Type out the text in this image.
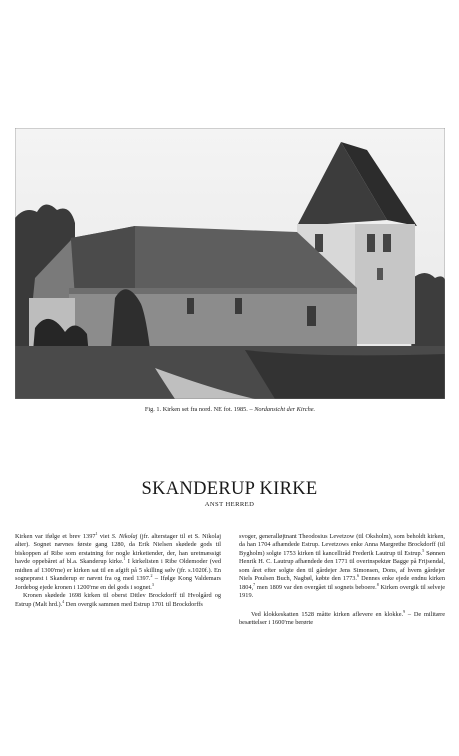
Fig. 1. Kirken set fra nord. NE fot. 1985. – Nordansicht der Kirche.
SKANDERUP KIRKE
ANST HERRED

Kirken var ifølge et brev 1397$^1$ viet S. Nikolaj (jfr. alterstager til et S. Nikolaj alter). Sognet nævnes første gang 1280, da Erik Nielsen skødede gods til biskoppen af Ribe som erstatning for nogle kirketiender, der, han uretmæssigt havde oppebåret af bl.a. Skanderup kirke.$^1$ I kirkelisten i Ribe Oldemoder (ved midten af 1300'rne) er kirken sat til en afgift på 5 skilling sølv (jfr. s.1020f.). En sognepræst i Skanderup er nævnt fra og med 1397.$^2$ – Ifølge Kong Valdemars Jordebog ejede kronen i 1200'rne en del gods i sognet.$^3$

Kronen skødede 1698 kirken til oberst Ditlev Brockdorff til Hvolgård og Estrup (Malt hrd.).$^4$ Den overgik sammen med Estrup 1701 til Brockdorffs

svoger, generalløjtnant Theodosius Levetzow (til Oksholm), som beholdt kirken, da han 1704 afhændede Estrup. Levetzows enke Anna Margrethe Brockdorff (til Bygholm) solgte 1753 kirken til kancelliråd Frederik Lautrup til Estrup.$^5$ Sønnen Henrik H. C. Lautrup afhændede den 1771 til overinspektør Bagge på Frijsendal, som året efter solgte den til gårdejer Jens Simonsen, Dons, af hvem gårdejer Niels Poulsen Buch, Nagbøl, købte den 1773.$^6$ Dennes enke ejede endnu kirken 1804,$^7$ men 1809 var den overgået til sognets beboere.$^8$ Kirken overgik til selveje 1919.

Ved klokkeskatten 1528 måtte kirken aflevere en klokke.$^9$ – De militære besættelser i 1600'rne berørte
